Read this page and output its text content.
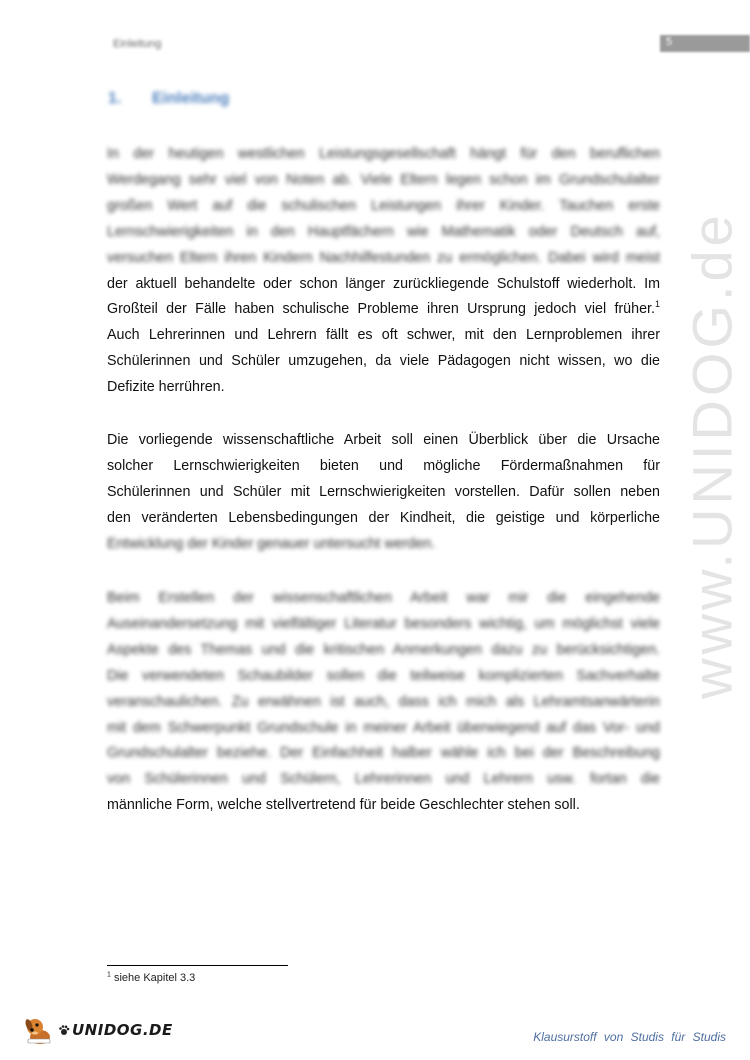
Einleitung	5
www.UNIDOG.de
1. Einleitung
In der heutigen westlichen Leistungsgesellschaft hängt für den beruflichen
Werdegang sehr viel von Noten ab. Viele Eltern legen schon im Grundschulalter
großen Wert auf die schulischen Leistungen ihrer Kinder. Tauchen erste
Lernschwierigkeiten in den Hauptfächern wie Mathematik oder Deutsch auf,
versuchen Eltern ihren Kindern Nachhilfestunden zu ermöglichen. Dabei wird meist
der aktuell behandelte oder schon länger zurückliegende Schulstoff wiederholt. Im
Großteil der Fälle haben schulische Probleme ihren Ursprung jedoch viel früher.$^1$
Auch Lehrerinnen und Lehrern fällt es oft schwer, mit den Lernproblemen ihrer
Schülerinnen und Schüler umzugehen, da viele Pädagogen nicht wissen, wo die
Defizite herrühren.
Die vorliegende wissenschaftliche Arbeit soll einen Überblick über die Ursache
solcher Lernschwierigkeiten bieten und mögliche Fördermaßnahmen für
Schülerinnen und Schüler mit Lernschwierigkeiten vorstellen. Dafür sollen neben
den veränderten Lebensbedingungen der Kindheit, die geistige und körperliche
Entwicklung der Kinder genauer untersucht werden.
Beim Erstellen der wissenschaftlichen Arbeit war mir die eingehende
Auseinandersetzung mit vielfältiger Literatur besonders wichtig, um möglichst viele
Aspekte des Themas und die kritischen Anmerkungen dazu zu berücksichtigen.
Die verwendeten Schaubilder sollen die teilweise komplizierten Sachverhalte
veranschaulichen. Zu erwähnen ist auch, dass ich mich als Lehramtsanwärterin
mit dem Schwerpunkt Grundschule in meiner Arbeit überwiegend auf das Vor- und
Grundschulalter beziehe. Der Einfachheit halber wähle ich bei der Beschreibung
von Schülerinnen und Schülern, Lehrerinnen und Lehrern usw. fortan die
männliche Form, welche stellvertretend für beide Geschlechter stehen soll.
$^1$ siehe Kapitel 3.3
UNIDOG.DE	Klausurstoff von Studis für Studis
